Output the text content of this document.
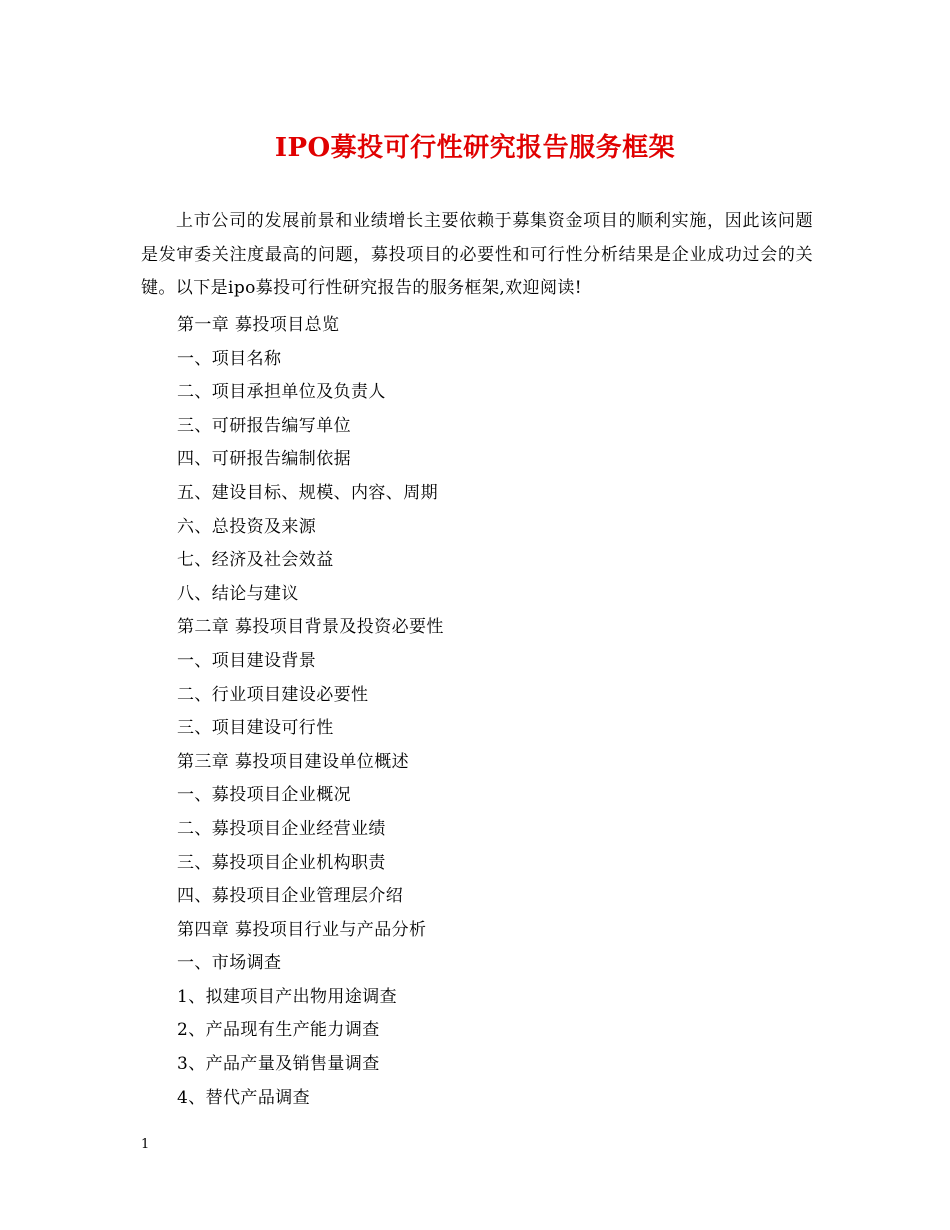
IPO募投可行性研究报告服务框架

上市公司的发展前景和业绩增长主要依赖于募集资金项目的顺利实施，因此该问题是发审委关注度最高的问题，募投项目的必要性和可行性分析结果是企业成功过会的关键。以下是ipo募投可行性研究报告的服务框架,欢迎阅读!

第一章 募投项目总览
一、项目名称
二、项目承担单位及负责人
三、可研报告编写单位
四、可研报告编制依据
五、建设目标、规模、内容、周期
六、总投资及来源
七、经济及社会效益
八、结论与建议
第二章 募投项目背景及投资必要性
一、项目建设背景
二、行业项目建设必要性
三、项目建设可行性
第三章 募投项目建设单位概述
一、募投项目企业概况
二、募投项目企业经营业绩
三、募投项目企业机构职责
四、募投项目企业管理层介绍
第四章 募投项目行业与产品分析
一、市场调查
1、拟建项目产出物用途调查
2、产品现有生产能力调查
3、产品产量及销售量调查
4、替代产品调查
1
